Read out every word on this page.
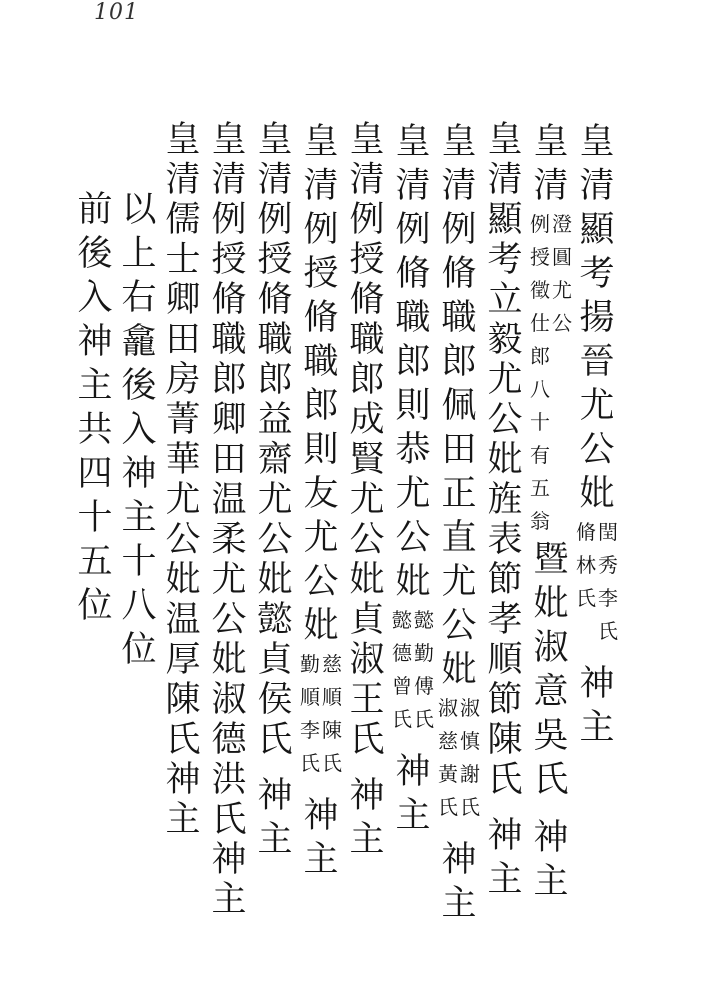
101
皇
清
顯
考
揚
晉
尤
公
妣
閏
秀
李
氏
脩
林
氏
神
主
皇
清
澄
圓
尤
公
例
授
徵
仕
郎
八
十
有
五
翁
暨
妣
淑
意
吳
氏
神
主
皇
清
顯
考
立
毅
尤
公
妣
旌
表
節
孝
順
節
陳
氏
神
主
皇
清
例
脩
職
郎
佩
田
正
直
尤
公
妣
淑
慎
謝
氏
淑
慈
黃
氏
神
主
皇
清
例
脩
職
郎
則
恭
尤
公
妣
懿
勤
傅
氏
懿
德
曾
氏
神
主
皇
清
例
授
脩
職
郎
成
賢
尤
公
妣
貞
淑
王
氏
神
主
皇
清
例
授
脩
職
郎
則
友
尤
公
妣
慈
順
陳
氏
勤
順
李
氏
神
主
皇
清
例
授
脩
職
郎
益
齋
尤
公
妣
懿
貞
侯
氏
神
主
皇
清
例
授
脩
職
郎
卿
田
温
柔
尤
公
妣
淑
德
洪
氏
神
主
皇
清
儒
士
卿
田
房
菁
華
尤
公
妣
温
厚
陳
氏
神
主
以
上
右
龕
後
入
神
主
十
八
位
前
後
入
神
主
共
四
十
五
位
